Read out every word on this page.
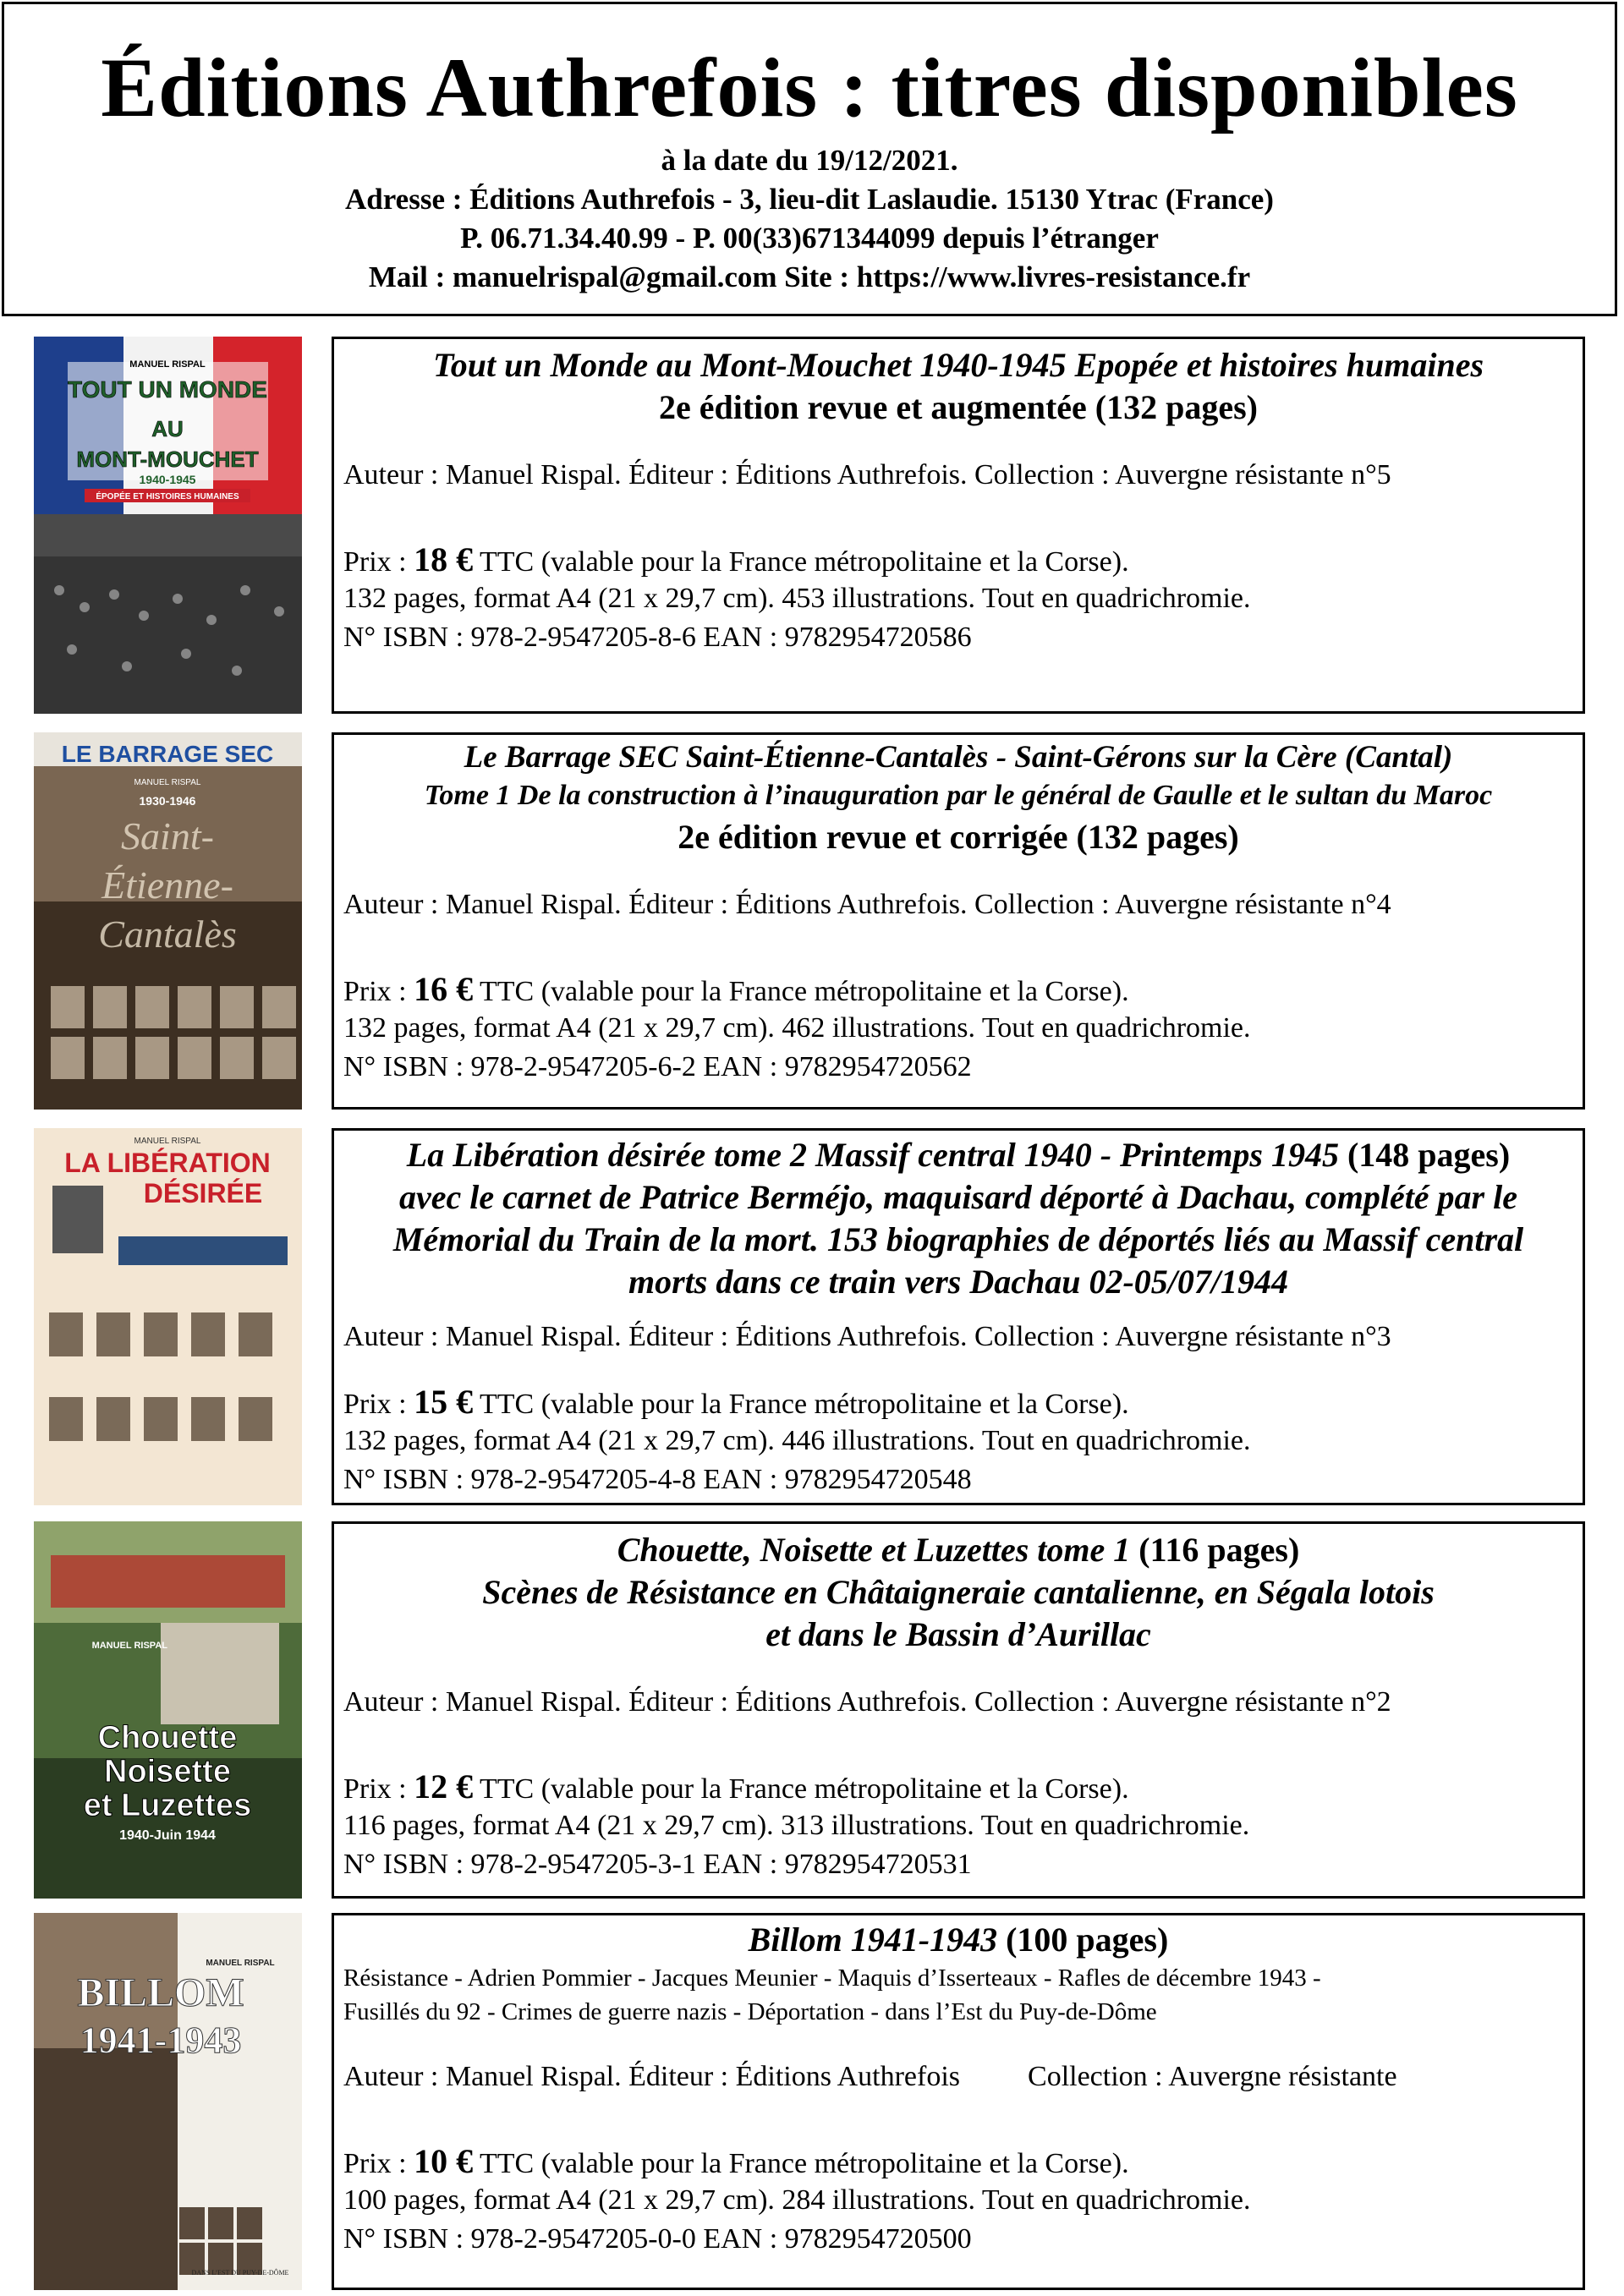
Éditions Authrefois : titres disponibles
à la date du 19/12/2021.
Adresse : Éditions Authrefois - 3, lieu-dit Laslaudie. 15130 Ytrac (France)
P. 06.71.34.40.99 - P. 00(33)671344099 depuis l’étranger
Mail : manuelrispal@gmail.com Site : https://www.livres-resistance.fr
MANUEL RISPAL
TOUT UN MONDE
AU
MONT-MOUCHET
1940-1945
ÉPOPÉE ET HISTOIRES HUMAINES
Tout un Monde au Mont-Mouchet 1940-1945 Epopée et histoires humaines
2e édition revue et augmentée (132 pages)
Auteur : Manuel Rispal. Éditeur : Éditions Authrefois. Collection : Auvergne résistante n°5
Prix : 18 € TTC (valable pour la France métropolitaine et la Corse).
132 pages, format A4 (21 x 29,7 cm). 453 illustrations. Tout en quadrichromie.
N° ISBN : 978-2-9547205-8-6 EAN : 9782954720586
LE BARRAGE SEC
MANUEL RISPAL
1930-1946
Saint-
Étienne-
Cantalès
Le Barrage SEC Saint-Étienne-Cantalès - Saint-Gérons sur la Cère (Cantal)
Tome 1 De la construction à l’inauguration par le général de Gaulle et le sultan du Maroc
2e édition revue et corrigée (132 pages)
Auteur : Manuel Rispal. Éditeur : Éditions Authrefois. Collection : Auvergne résistante n°4
Prix : 16 € TTC (valable pour la France métropolitaine et la Corse).
132 pages, format A4 (21 x 29,7 cm). 462 illustrations. Tout en quadrichromie.
N° ISBN : 978-2-9547205-6-2 EAN : 9782954720562
MANUEL RISPAL
LA LIBÉRATION
DÉSIRÉE
La Libération désirée tome 2 Massif central 1940 - Printemps 1945 (148 pages)
avec le carnet de Patrice Berméjo, maquisard déporté à Dachau, complété par le
Mémorial du Train de la mort. 153 biographies de déportés liés au Massif central
morts dans ce train vers Dachau 02-05/07/1944
Auteur : Manuel Rispal. Éditeur : Éditions Authrefois. Collection : Auvergne résistante n°3
Prix : 15 € TTC (valable pour la France métropolitaine et la Corse).
132 pages, format A4 (21 x 29,7 cm). 446 illustrations. Tout en quadrichromie.
N° ISBN : 978-2-9547205-4-8 EAN : 9782954720548
MANUEL RISPAL
Chouette
Noisette
et Luzettes
1940-Juin 1944
Chouette, Noisette et Luzettes tome 1 (116 pages)
Scènes de Résistance en Châtaigneraie cantalienne, en Ségala lotois
et dans le Bassin d’Aurillac
Auteur : Manuel Rispal. Éditeur : Éditions Authrefois. Collection : Auvergne résistante n°2
Prix : 12 € TTC (valable pour la France métropolitaine et la Corse).
116 pages, format A4 (21 x 29,7 cm). 313 illustrations. Tout en quadrichromie.
N° ISBN : 978-2-9547205-3-1 EAN : 9782954720531
MANUEL RISPAL
BILLOM
1941-1943
DANS L’EST DU PUY-DE-DÔME
Billom 1941-1943 (100 pages)
Résistance - Adrien Pommier - Jacques Meunier - Maquis d’Isserteaux - Rafles de décembre 1943 -
Fusillés du 92 - Crimes de guerre nazis - Déportation - dans l’Est du Puy-de-Dôme
Auteur : Manuel Rispal. Éditeur : Éditions Authrefois Collection : Auvergne résistante
Prix : 10 € TTC (valable pour la France métropolitaine et la Corse).
100 pages, format A4 (21 x 29,7 cm). 284 illustrations. Tout en quadrichromie.
N° ISBN : 978-2-9547205-0-0 EAN : 9782954720500
